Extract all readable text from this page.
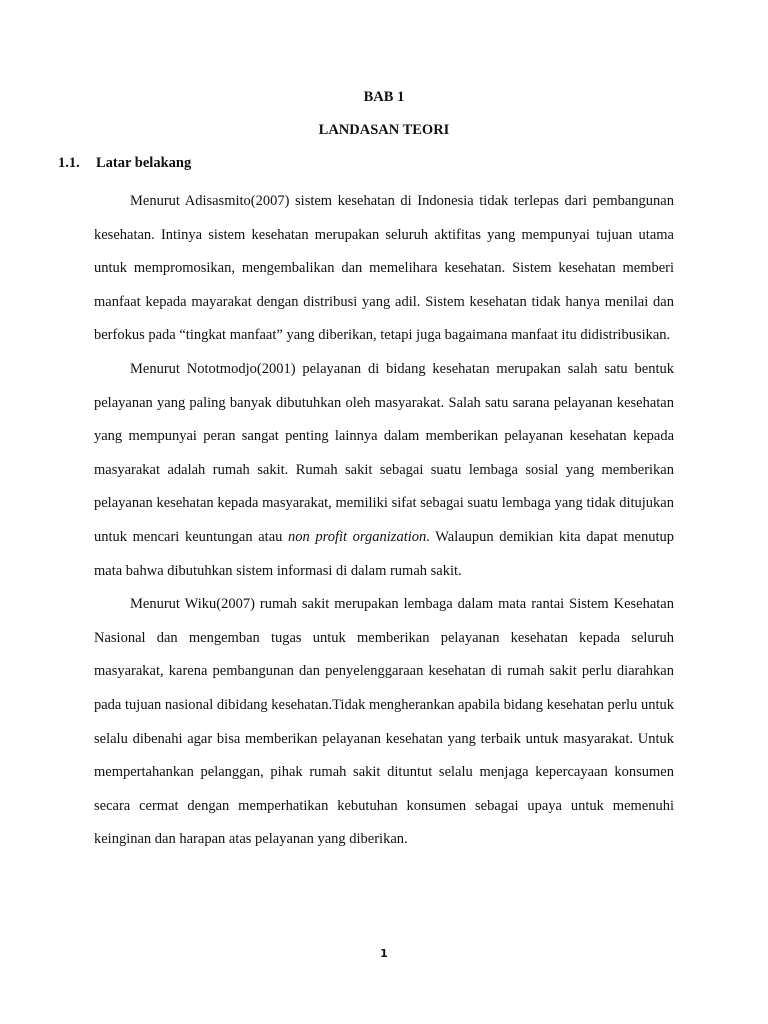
BAB 1
LANDASAN TEORI
1.1. Latar belakang

Menurut Adisasmito(2007) sistem kesehatan di Indonesia tidak terlepas dari pembangunan kesehatan. Intinya sistem kesehatan merupakan seluruh aktifitas yang mempunyai tujuan utama untuk mempromosikan, mengembalikan dan memelihara kesehatan. Sistem kesehatan memberi manfaat kepada mayarakat dengan distribusi yang adil. Sistem kesehatan tidak hanya menilai dan berfokus pada “tingkat manfaat” yang diberikan, tetapi juga bagaimana manfaat itu didistribusikan.

Menurut Nototmodjo(2001) pelayanan di bidang kesehatan merupakan salah satu bentuk pelayanan yang paling banyak dibutuhkan oleh masyarakat. Salah satu sarana pelayanan kesehatan yang mempunyai peran sangat penting lainnya dalam memberikan pelayanan kesehatan kepada masyarakat adalah rumah sakit. Rumah sakit sebagai suatu lembaga sosial yang memberikan pelayanan kesehatan kepada masyarakat, memiliki sifat sebagai suatu lembaga yang tidak ditujukan untuk mencari keuntungan atau non profit organization. Walaupun demikian kita dapat menutup mata bahwa dibutuhkan sistem informasi di dalam rumah sakit.

Menurut Wiku(2007) rumah sakit merupakan lembaga dalam mata rantai Sistem Kesehatan Nasional dan mengemban tugas untuk memberikan pelayanan kesehatan kepada seluruh masyarakat, karena pembangunan dan penyelenggaraan kesehatan di rumah sakit perlu diarahkan pada tujuan nasional dibidang kesehatan.Tidak mengherankan apabila bidang kesehatan perlu untuk selalu dibenahi agar bisa memberikan pelayanan kesehatan yang terbaik untuk masyarakat. Untuk mempertahankan pelanggan, pihak rumah sakit dituntut selalu menjaga kepercayaan konsumen secara cermat dengan memperhatikan kebutuhan konsumen sebagai upaya untuk memenuhi keinginan dan harapan atas pelayanan yang diberikan.

1
